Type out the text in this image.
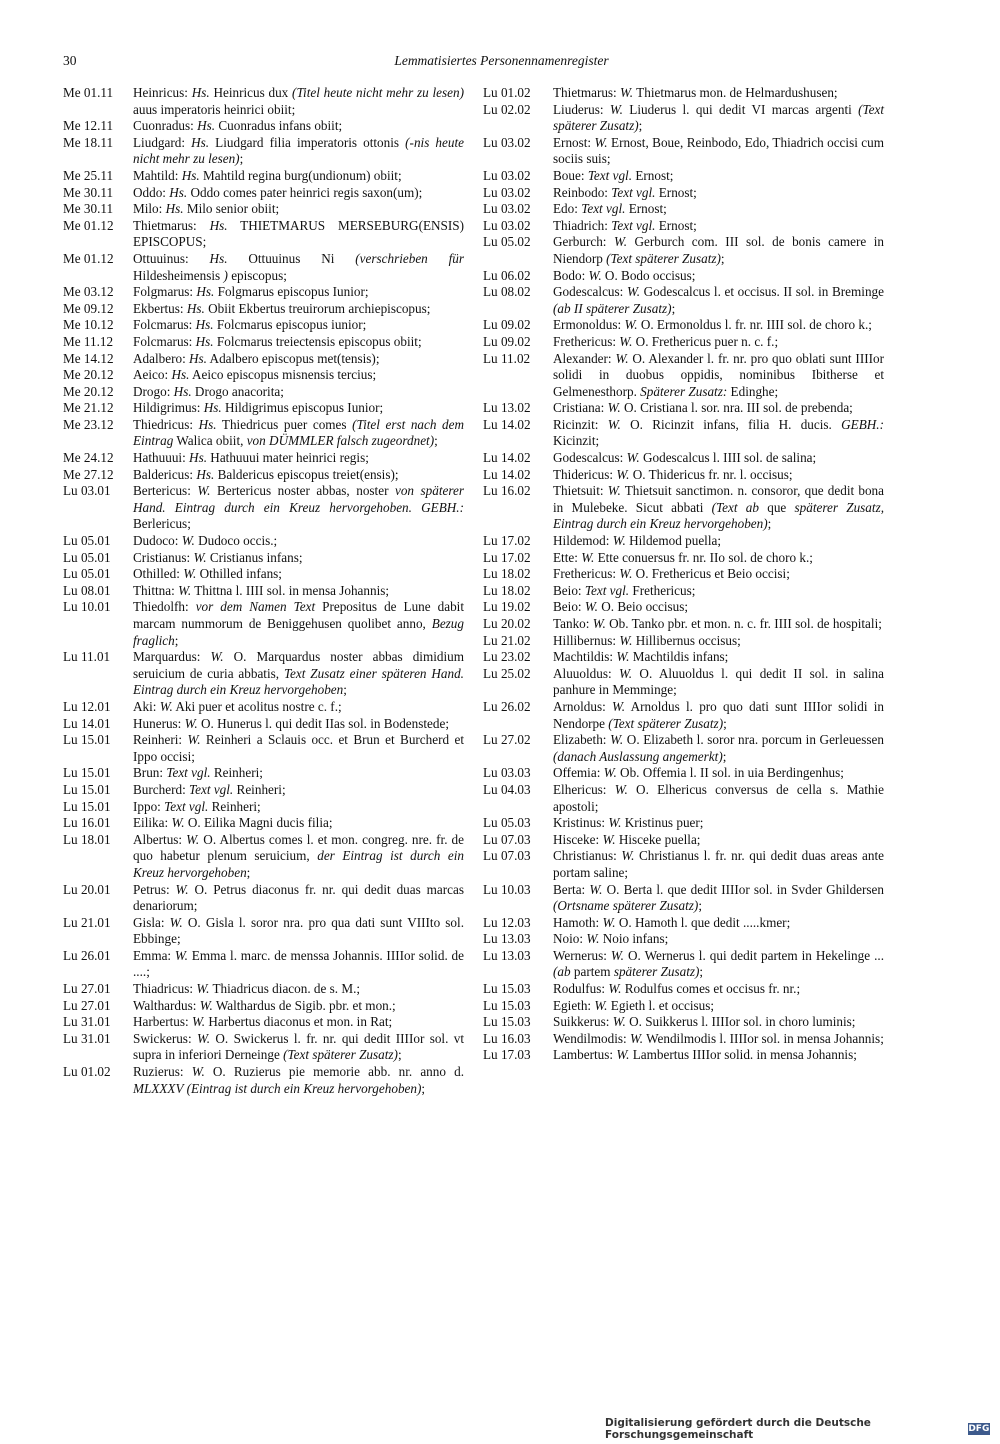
30	Lemmatisiertes Personennamenregister
Me 01.11	Heinricus: Hs. Heinricus dux (Titel heute nicht mehr zu lesen) auus imperatoris heinrici obiit;
Me 12.11	Cuonradus: Hs. Cuonradus infans obiit;
Me 18.11	Liudgard: Hs. Liudgard filia imperatoris ottonis (-nis heute nicht mehr zu lesen);
Me 25.11	Mahtild: Hs. Mahtild regina burg(undionum) obiit;
Me 30.11	Oddo: Hs. Oddo comes pater heinrici regis saxon(um);
Me 30.11	Milo: Hs. Milo senior obiit;
Me 01.12	Thietmarus: Hs. THIETMARUS MERSEBURG(ENSIS) EPISCOPUS;
Me 01.12	Ottuuinus: Hs. Ottuuinus Ni (verschrieben für Hildesheimensis ) episcopus;
Me 03.12	Folgmarus: Hs. Folgmarus episcopus Iunior;
Me 09.12	Ekbertus: Hs. Obiit Ekbertus treuirorum archiepiscopus;
Me 10.12	Folcmarus: Hs. Folcmarus episcopus iunior;
Me 11.12	Folcmarus: Hs. Folcmarus treiectensis episcopus obiit;
Me 14.12	Adalbero: Hs. Adalbero episcopus met(tensis);
Me 20.12	Aeico: Hs. Aeico episcopus misnensis tercius;
Me 20.12	Drogo: Hs. Drogo anacorita;
Me 21.12	Hildigrimus: Hs. Hildigrimus episcopus Iunior;
Me 23.12	Thiedricus: Hs. Thiedricus puer comes (Titel erst nach dem Eintrag Walica obiit, von DÜMMLER falsch zugeordnet);
Me 24.12	Hathuuui: Hs. Hathuuui mater heinrici regis;
Me 27.12	Baldericus: Hs. Baldericus episcopus treiet(ensis);
Lu 03.01	Bertericus: W. Bertericus noster abbas, noster von späterer Hand. Eintrag durch ein Kreuz hervorgehoben. GEBH.: Berlericus;
Lu 05.01	Dudoco: W. Dudoco occis.;
Lu 05.01	Cristianus: W. Cristianus infans;
Lu 05.01	Othilled: W. Othilled infans;
Lu 08.01	Thittna: W. Thittna l. IIII sol. in mensa Johannis;
Lu 10.01	Thiedolfh: vor dem Namen Text Prepositus de Lune dabit marcam nummorum de Beniggehusen quolibet anno, Bezug fraglich;
Lu 11.01	Marquardus: W. O. Marquardus noster abbas dimidium seruicium de curia abbatis, Text Zusatz einer späteren Hand. Eintrag durch ein Kreuz hervorgehoben;
Lu 12.01	Aki: W. Aki puer et acolitus nostre c. f.;
Lu 14.01	Hunerus: W. O. Hunerus l. qui dedit IIas sol. in Bodenstede;
Lu 15.01	Reinheri: W. Reinheri a Sclauis occ. et Brun et Burcherd et Ippo occisi;
Lu 15.01	Brun: Text vgl. Reinheri;
Lu 15.01	Burcherd: Text vgl. Reinheri;
Lu 15.01	Ippo: Text vgl. Reinheri;
Lu 16.01	Eilika: W. O. Eilika Magni ducis filia;
Lu 18.01	Albertus: W. O. Albertus comes l. et mon. congreg. nre. fr. de quo habetur plenum seruicium, der Eintrag ist durch ein Kreuz hervorgehoben;
Lu 20.01	Petrus: W. O. Petrus diaconus fr. nr. qui dedit duas marcas denariorum;
Lu 21.01	Gisla: W. O. Gisla l. soror nra. pro qua dati sunt VIIIto sol. Ebbinge;
Lu 26.01	Emma: W. Emma l. marc. de menssa Johannis. IIIIor solid. de ....;
Lu 27.01	Thiadricus: W. Thiadricus diacon. de s. M.;
Lu 27.01	Walthardus: W. Walthardus de Sigib. pbr. et mon.;
Lu 31.01	Harbertus: W. Harbertus diaconus et mon. in Rat;
Lu 31.01	Swickerus: W. O. Swickerus l. fr. nr. qui dedit IIIIor sol. vt supra in inferiori Derneinge (Text späterer Zusatz);
Lu 01.02	Ruzierus: W. O. Ruzierus pie memorie abb. nr. anno d. MLXXXV (Eintrag ist durch ein Kreuz hervorgehoben);
Lu 01.02	Thietmarus: W. Thietmarus mon. de Helmardushusen;
Lu 02.02	Liuderus: W. Liuderus l. qui dedit VI marcas argenti (Text späterer Zusatz);
Lu 03.02	Ernost: W. Ernost, Boue, Reinbodo, Edo, Thiadrich occisi cum sociis suis;
Lu 03.02	Boue: Text vgl. Ernost;
Lu 03.02	Reinbodo: Text vgl. Ernost;
Lu 03.02	Edo: Text vgl. Ernost;
Lu 03.02	Thiadrich: Text vgl. Ernost;
Lu 05.02	Gerburch: W. Gerburch com. III sol. de bonis camere in Niendorp (Text späterer Zusatz);
Lu 06.02	Bodo: W. O. Bodo occisus;
Lu 08.02	Godescalcus: W. Godescalcus l. et occisus. II sol. in Breminge (ab II späterer Zusatz);
Lu 09.02	Ermonoldus: W. O. Ermonoldus l. fr. nr. IIII sol. de choro k.;
Lu 09.02	Frethericus: W. O. Frethericus puer n. c. f.;
Lu 11.02	Alexander: W. O. Alexander l. fr. nr. pro quo oblati sunt IIIIor solidi in duobus oppidis, nominibus Ibitherse et Gelmenesthorp. Späterer Zusatz: Edinghe;
Lu 13.02	Cristiana: W. O. Cristiana l. sor. nra. III sol. de prebenda;
Lu 14.02	Ricinzit: W. O. Ricinzit infans, filia H. ducis. GEBH.: Kicinzit;
Lu 14.02	Godescalcus: W. Godescalcus l. IIII sol. de salina;
Lu 14.02	Thidericus: W. O. Thidericus fr. nr. l. occisus;
Lu 16.02	Thietsuit: W. Thietsuit sanctimon. n. consoror, que dedit bona in Mulebeke. Sicut abbati (Text ab que späterer Zusatz, Eintrag durch ein Kreuz hervorgehoben);
Lu 17.02	Hildemod: W. Hildemod puella;
Lu 17.02	Ette: W. Ette conuersus fr. nr. IIo sol. de choro k.;
Lu 18.02	Frethericus: W. O. Frethericus et Beio occisi;
Lu 18.02	Beio: Text vgl. Frethericus;
Lu 19.02	Beio: W. O. Beio occisus;
Lu 20.02	Tanko: W. Ob. Tanko pbr. et mon. n. c. fr. IIII sol. de hospitali;
Lu 21.02	Hillibernus: W. Hillibernus occisus;
Lu 23.02	Machtildis: W. Machtildis infans;
Lu 25.02	Aluuoldus: W. O. Aluuoldus l. qui dedit II sol. in salina panhure in Memminge;
Lu 26.02	Arnoldus: W. Arnoldus l. pro quo dati sunt IIIIor solidi in Nendorpe (Text späterer Zusatz);
Lu 27.02	Elizabeth: W. O. Elizabeth l. soror nra. porcum in Gerleuessen (danach Auslassung angemerkt);
Lu 03.03	Offemia: W. Ob. Offemia l. II sol. in uia Berdingenhus;
Lu 04.03	Elhericus: W. O. Elhericus conversus de cella s. Mathie apostoli;
Lu 05.03	Kristinus: W. Kristinus puer;
Lu 07.03	Hisceke: W. Hisceke puella;
Lu 07.03	Christianus: W. Christianus l. fr. nr. qui dedit duas areas ante portam saline;
Lu 10.03	Berta: W. O. Berta l. que dedit IIIIor sol. in Svder Ghildersen (Ortsname späterer Zusatz);
Lu 12.03	Hamoth: W. O. Hamoth l. que dedit .....kmer;
Lu 13.03	Noio: W. Noio infans;
Lu 13.03	Wernerus: W. O. Wernerus l. qui dedit partem in Hekelinge ... (ab partem späterer Zusatz);
Lu 15.03	Rodulfus: W. Rodulfus comes et occisus fr. nr.;
Lu 15.03	Egieth: W. Egieth l. et occisus;
Lu 15.03	Suikkerus: W. O. Suikkerus l. IIIIor sol. in choro luminis;
Lu 16.03	Wendilmodis: W. Wendilmodis l. IIIIor sol. in mensa Johannis;
Lu 17.03	Lambertus: W. Lambertus IIIIor solid. in mensa Johannis;
Digitalisierung gefördert durch die Deutsche Forschungsgemeinschaft	DFG
